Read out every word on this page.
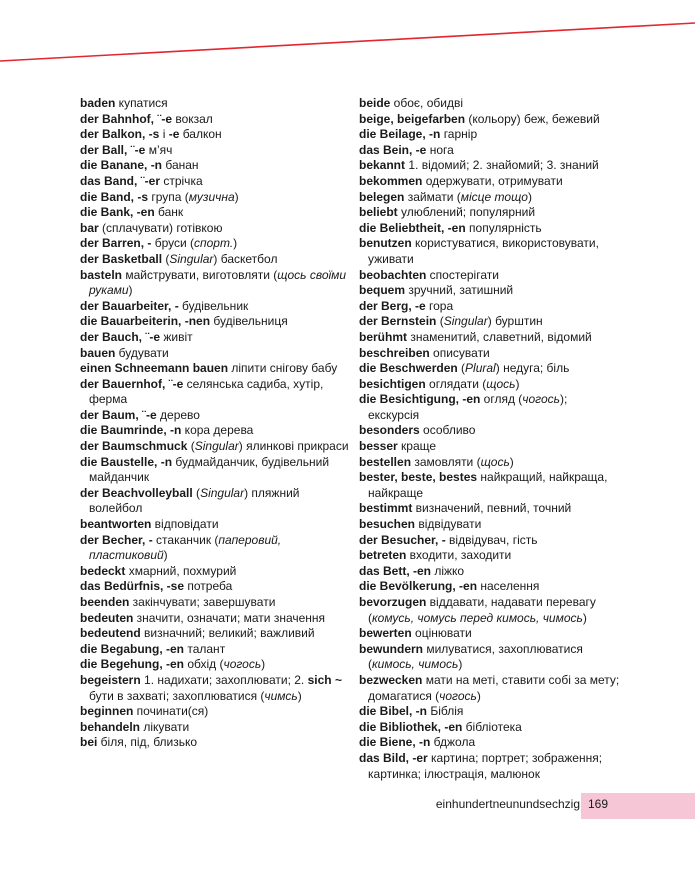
baden купатися
der Bahnhof, ¨-e вокзал
der Balkon, -s і -e балкон
der Ball, ¨-e м’яч
die Banane, -n банан
das Band, ¨-er стрічка
die Band, -s група (музична)
die Bank, -en банк
bar (сплачувати) готівкою
der Barren, - бруси (спорт.)
der Basketball (Singular) баскетбол
basteln майструвати, виготовляти (щось своїми руками)
der Bauarbeiter, - будівельник
die Bauarbeiterin, -nen будівельниця
der Bauch, ¨-e живіт
bauen будувати
einen Schneemann bauen ліпити снігову бабу
der Bauernhof, ¨-e селянська садиба, хутір, ферма
der Baum, ¨-e дерево
die Baumrinde, -n кора дерева
der Baumschmuck (Singular) ялинкові прикраси
die Baustelle, -n будмайданчик, будівельний майданчик
der Beachvolleyball (Singular) пляжний волейбол
beantworten відповідати
der Becher, - стаканчик (паперовий, пластиковий)
bedeckt хмарний, похмурий
das Bedürfnis, -se потреба
beenden закінчувати; завершувати
bedeuten значити, означати; мати значення
bedeutend визначний; великий; важливий
die Begabung, -en талант
die Begehung, -en обхід (чогось)
begeistern 1. надихати; захоплювати; 2. sich ~ бути в захваті; захоплюватися (чимсь)
beginnen починати(ся)
behandeln лікувати
bei біля, під, близько
beide обоє, обидві
beige, beigefarben (кольору) беж, бежевий
die Beilage, -n гарнір
das Bein, -e нога
bekannt 1. відомий; 2. знайомий; 3. знаний
bekommen одержувати, отримувати
belegen займати (місце тощо)
beliebt улюблений; популярний
die Beliebtheit, -en популярність
benutzen користуватися, використовувати, уживати
beobachten спостерігати
bequem зручний, затишний
der Berg, -e гора
der Bernstein (Singular) бурштин
berühmt знаменитий, славетний, відомий
beschreiben описувати
die Beschwerden (Plural) недуга; біль
besichtigen оглядати (щось)
die Besichtigung, -en огляд (чогось); екскурсія
besonders особливо
besser краще
bestellen замовляти (щось)
bester, beste, bestes найкращий, найкраща, найкраще
bestimmt визначений, певний, точний
besuchen відвідувати
der Besucher, - відвідувач, гість
betreten входити, заходити
das Bett, -en ліжко
die Bevölkerung, -en населення
bevorzugen віддавати, надавати перевагу (комусь, чомусь перед кимось, чимось)
bewerten оцінювати
bewundern милуватися, захоплюватися (кимось, чимось)
bezwecken мати на меті, ставити собі за мету; домагатися (чогось)
die Bibel, -n Біблія
die Bibliothek, -en бібліотека
die Biene, -n бджола
das Bild, -er картина; портрет; зображення; картинка; ілюстрація, малюнок
einhundertneunundsechzig 169
